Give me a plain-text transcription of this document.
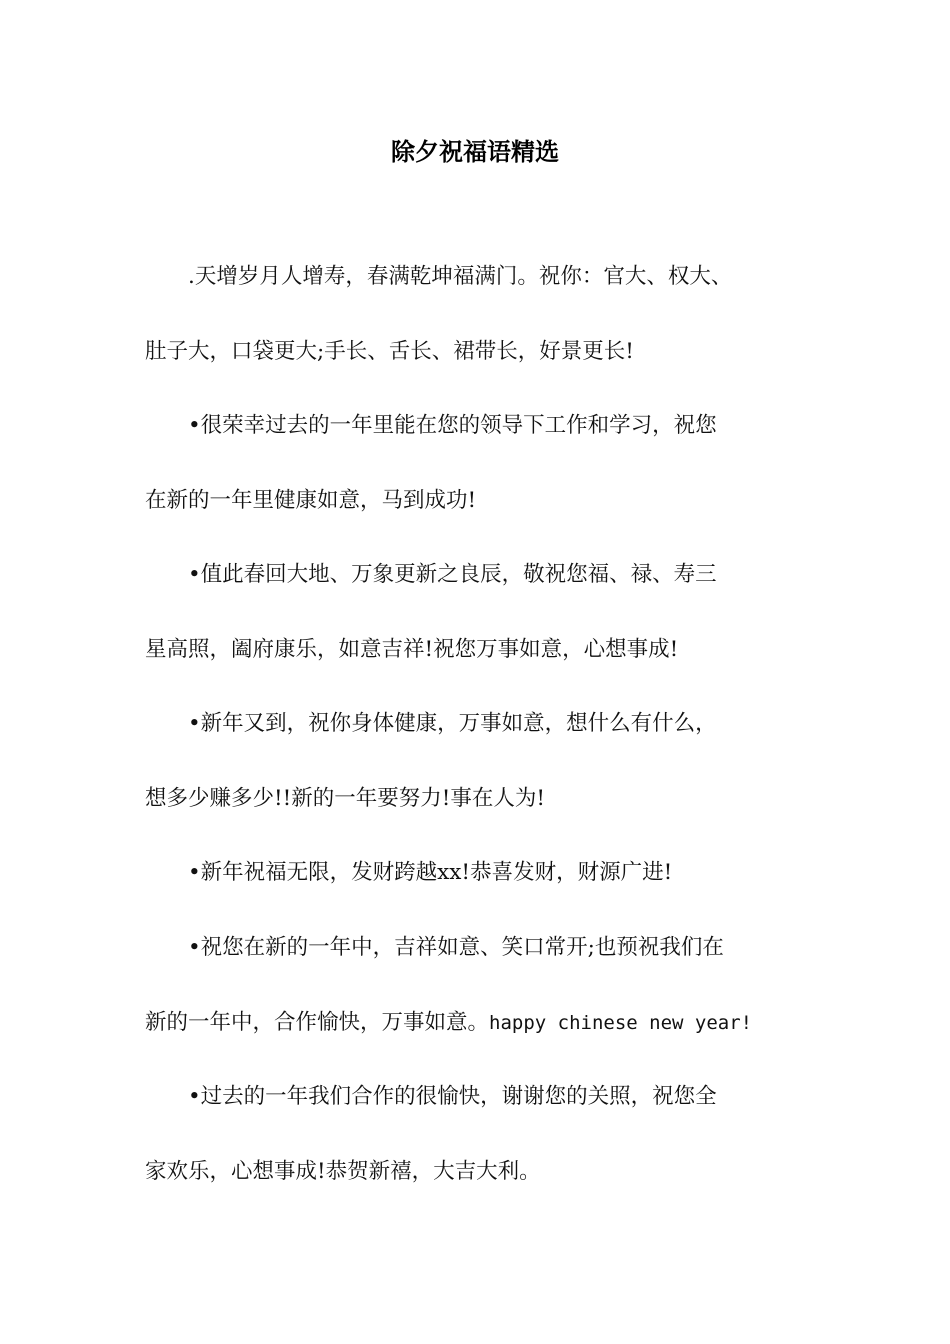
除夕祝福语精选
.天增岁月人增寿，春满乾坤福满门。祝你：官大、权大、
肚子大，口袋更大;手长、舌长、裙带长，好景更长!
•很荣幸过去的一年里能在您的领导下工作和学习，祝您
在新的一年里健康如意，马到成功!
•值此春回大地、万象更新之良辰，敬祝您福、禄、寿三
星高照，阖府康乐，如意吉祥!祝您万事如意，心想事成!
•新年又到，祝你身体健康，万事如意，想什么有什么，
想多少赚多少!!新的一年要努力!事在人为!
•新年祝福无限，发财跨越xx!恭喜发财，财源广进!
•祝您在新的一年中，吉祥如意、笑口常开;也预祝我们在
新的一年中，合作愉快，万事如意。happy chinese new year!
•过去的一年我们合作的很愉快，谢谢您的关照，祝您全
家欢乐，心想事成!恭贺新禧，大吉大利。
